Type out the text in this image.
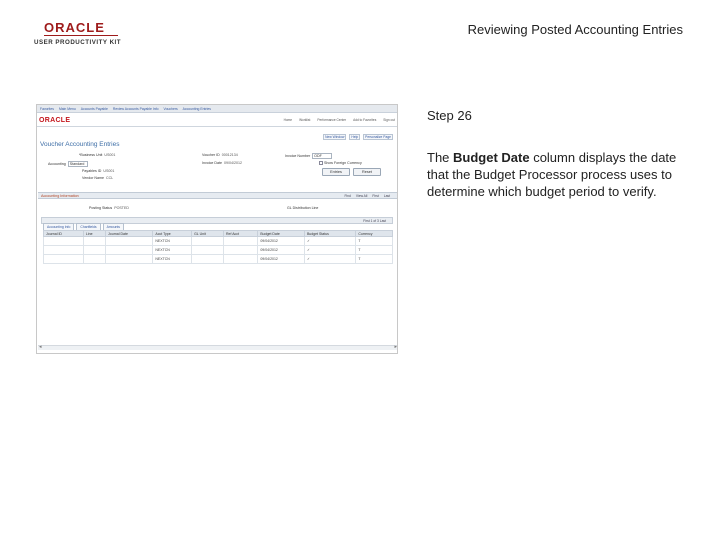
ORACLE
USER PRODUCTIVITY KIT
Reviewing Posted Accounting Entries
Step 26
The Budget Date column displays the date that the Budget Processor process uses to determine which budget period to verify.
Favorites Main Menu Accounts Payable Review Accounts Payable Info Vouchers Accounting Entries
ORACLE	Home Worklist Performance Center Add to Favorites Sign out
New Window	Help	Personalize Page
Voucher Accounting Entries
*Business Unit US001	Voucher ID 00012134	Invoice Number ODF
Accounting Standard	Invoice Date 09/04/2012	Show Foreign Currency
Payables ID US001
Vendor Name CCL
Entries	Reset
Accounting Information	Find View All First Last
Posting Status POSTED	GL Distribution Line
First 1 of 3 Last
Accounting Info	Chartfields	Amounts
Journal ID	Line	Journal Date	Acct Type	GL Unit	Ref Acct	Budget Date	Budget Status	Currency
			NEXTCN			09/04/2012	✓	T
			NEXTCN			09/04/2012	✓	T
			NEXTCN			09/04/2012	✓	T
◂	▸
